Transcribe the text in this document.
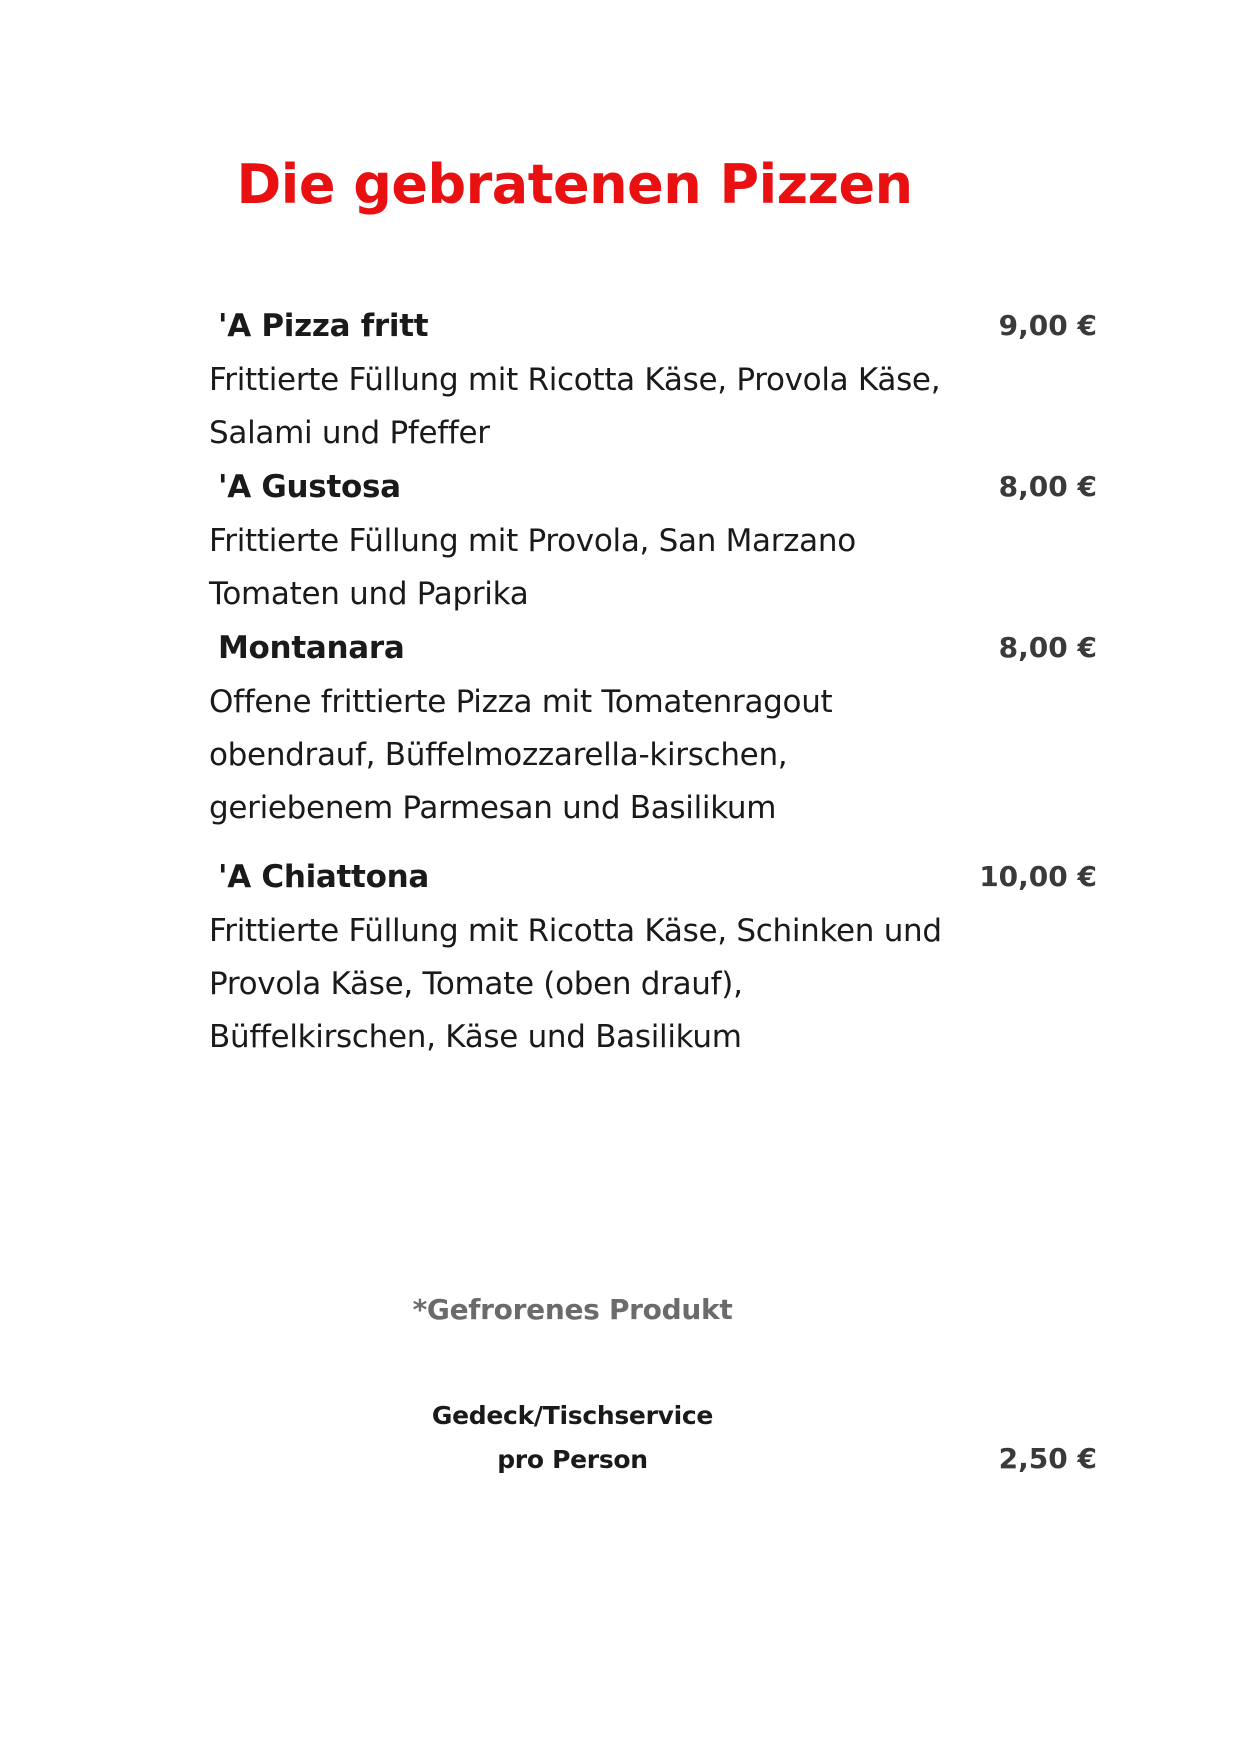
Die gebratenen Pizzen
'A Pizza fritt	9,00 €

Frittierte Füllung mit Ricotta Käse, Provola Käse, Salami und Pfeffer

'A Gustosa	8,00 €

Frittierte Füllung mit Provola, San Marzano Tomaten und Paprika

Montanara	8,00 €

Offene frittierte Pizza mit Tomatenragout obendrauf, Büffelmozzarella-kirschen, geriebenem Parmesan und Basilikum

'A Chiattona	10,00 €

Frittierte Füllung mit Ricotta Käse, Schinken und Provola Käse, Tomate (oben drauf), Büffelkirschen, Käse und Basilikum

*Gefrorenes Produkt
Gedeck/Tischservice
pro Person	2,50 €
